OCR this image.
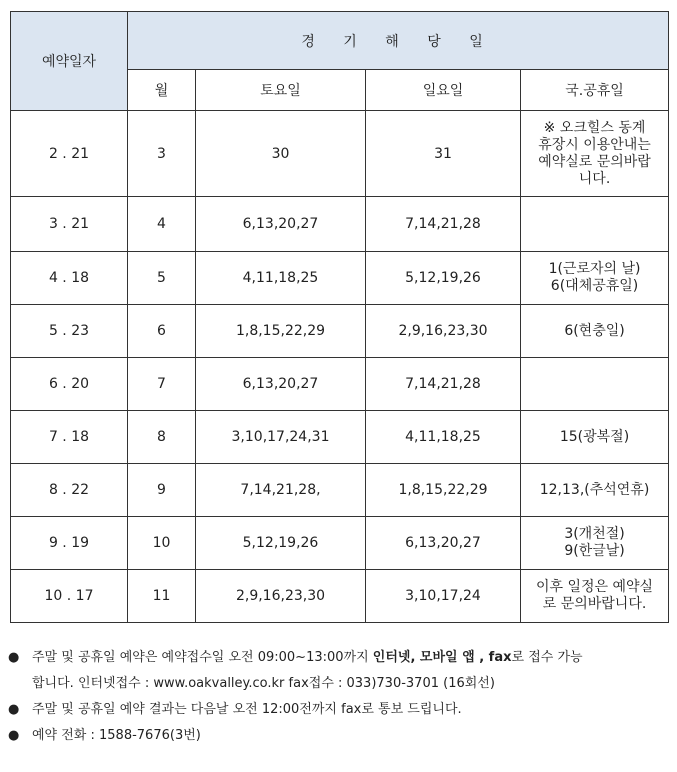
예약일자	경 기 해 당 일			
	월	토요일	일요일	국.공휴일
2 . 21	3	30	31	※ 오크힐스 동계
휴장시 이용안내는
예약실로 문의바랍
니다.
3 . 21	4	6,13,20,27	7,14,21,28	
4 . 18	5	4,11,18,25	5,12,19,26	1(근로자의 날)
6(대체공휴일)
5 . 23	6	1,8,15,22,29	2,9,16,23,30	6(현충일)
6 . 20	7	6,13,20,27	7,14,21,28	
7 . 18	8	3,10,17,24,31	4,11,18,25	15(광복절)
8 . 22	9	7,14,21,28,	1,8,15,22,29	12,13,(추석연휴)
9 . 19	10	5,12,19,26	6,13,20,27	3(개천절)
9(한글날)
10 . 17	11	2,9,16,23,30	3,10,17,24	이후 일정은 예약실
로 문의바랍니다.
● 주말 및 공휴일 예약은 예약접수일 오전 09:00~13:00까지 인터넷, 모바일 앱 , fax로 접수 가능
합니다. 인터넷접수 : www.oakvalley.co.kr fax접수 : 033)730-3701 (16회선)
● 주말 및 공휴일 예약 결과는 다음날 오전 12:00전까지 fax로 통보 드립니다.
● 예약 전화 : 1588-7676(3번)
